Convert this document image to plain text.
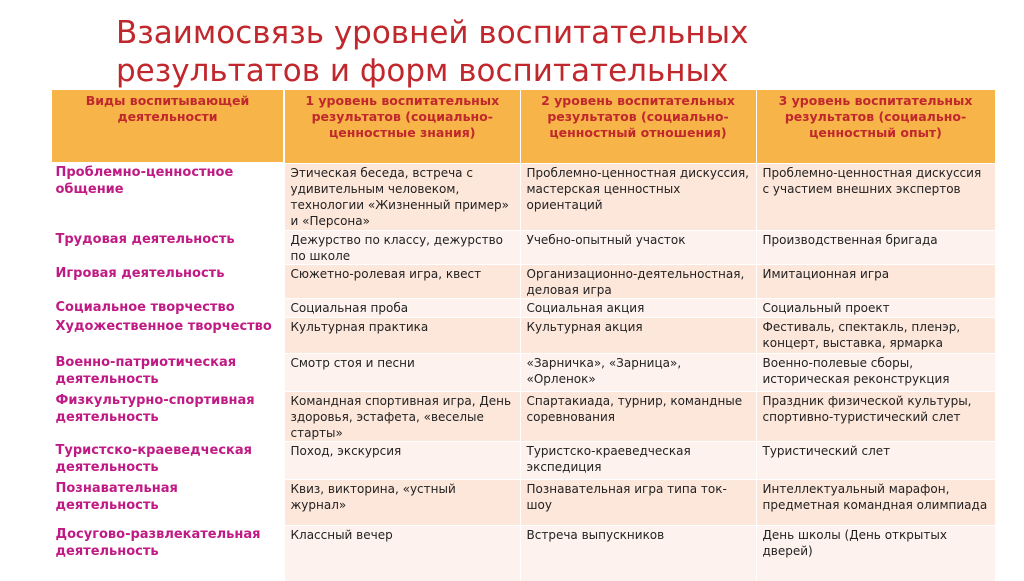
Взаимосвязь уровней воспитательных результатов и форм воспитательных
Виды воспитывающей деятельности	1 уровень воспитательных результатов (социально-ценностные знания)	2 уровень воспитательных результатов (социально-ценностный отношения)	3 уровень воспитательных результатов (социально-ценностный опыт)
Проблемно-ценностное общение	Этическая беседа, встреча с удивительным человеком, технологии «Жизненный пример» и «Персона»	Проблемно-ценностная дискуссия, мастерская ценностных ориентаций	Проблемно-ценностная дискуссия с участием внешних экспертов
Трудовая деятельность	Дежурство по классу, дежурство по школе	Учебно-опытный участок	Производственная бригада
Игровая деятельность	Сюжетно-ролевая игра, квест	Организационно-деятельностная, деловая игра	Имитационная игра
Социальное творчество	Социальная проба	Социальная акция	Социальный проект
Художественное творчество	Культурная практика	Культурная акция	Фестиваль, спектакль, пленэр, концерт, выставка, ярмарка
Военно-патриотическая деятельность	Смотр стоя и песни	«Зарничка», «Зарница», «Орленок»	Военно-полевые сборы, историческая реконструкция
Физкультурно-спортивная деятельность	Командная спортивная игра, День здоровья, эстафета, «веселые старты»	Спартакиада, турнир, командные соревнования	Праздник физической культуры, спортивно-туристический слет
Туристско-краеведческая деятельность	Поход, экскурсия	Туристско-краеведческая экспедиция	Туристический слет
Познавательная деятельность	Квиз, викторина, «устный журнал»	Познавательная игра типа ток-шоу	Интеллектуальный марафон, предметная командная олимпиада
Досугово-развлекательная деятельность	Классный вечер	Встреча выпускников	День школы (День открытых дверей)
